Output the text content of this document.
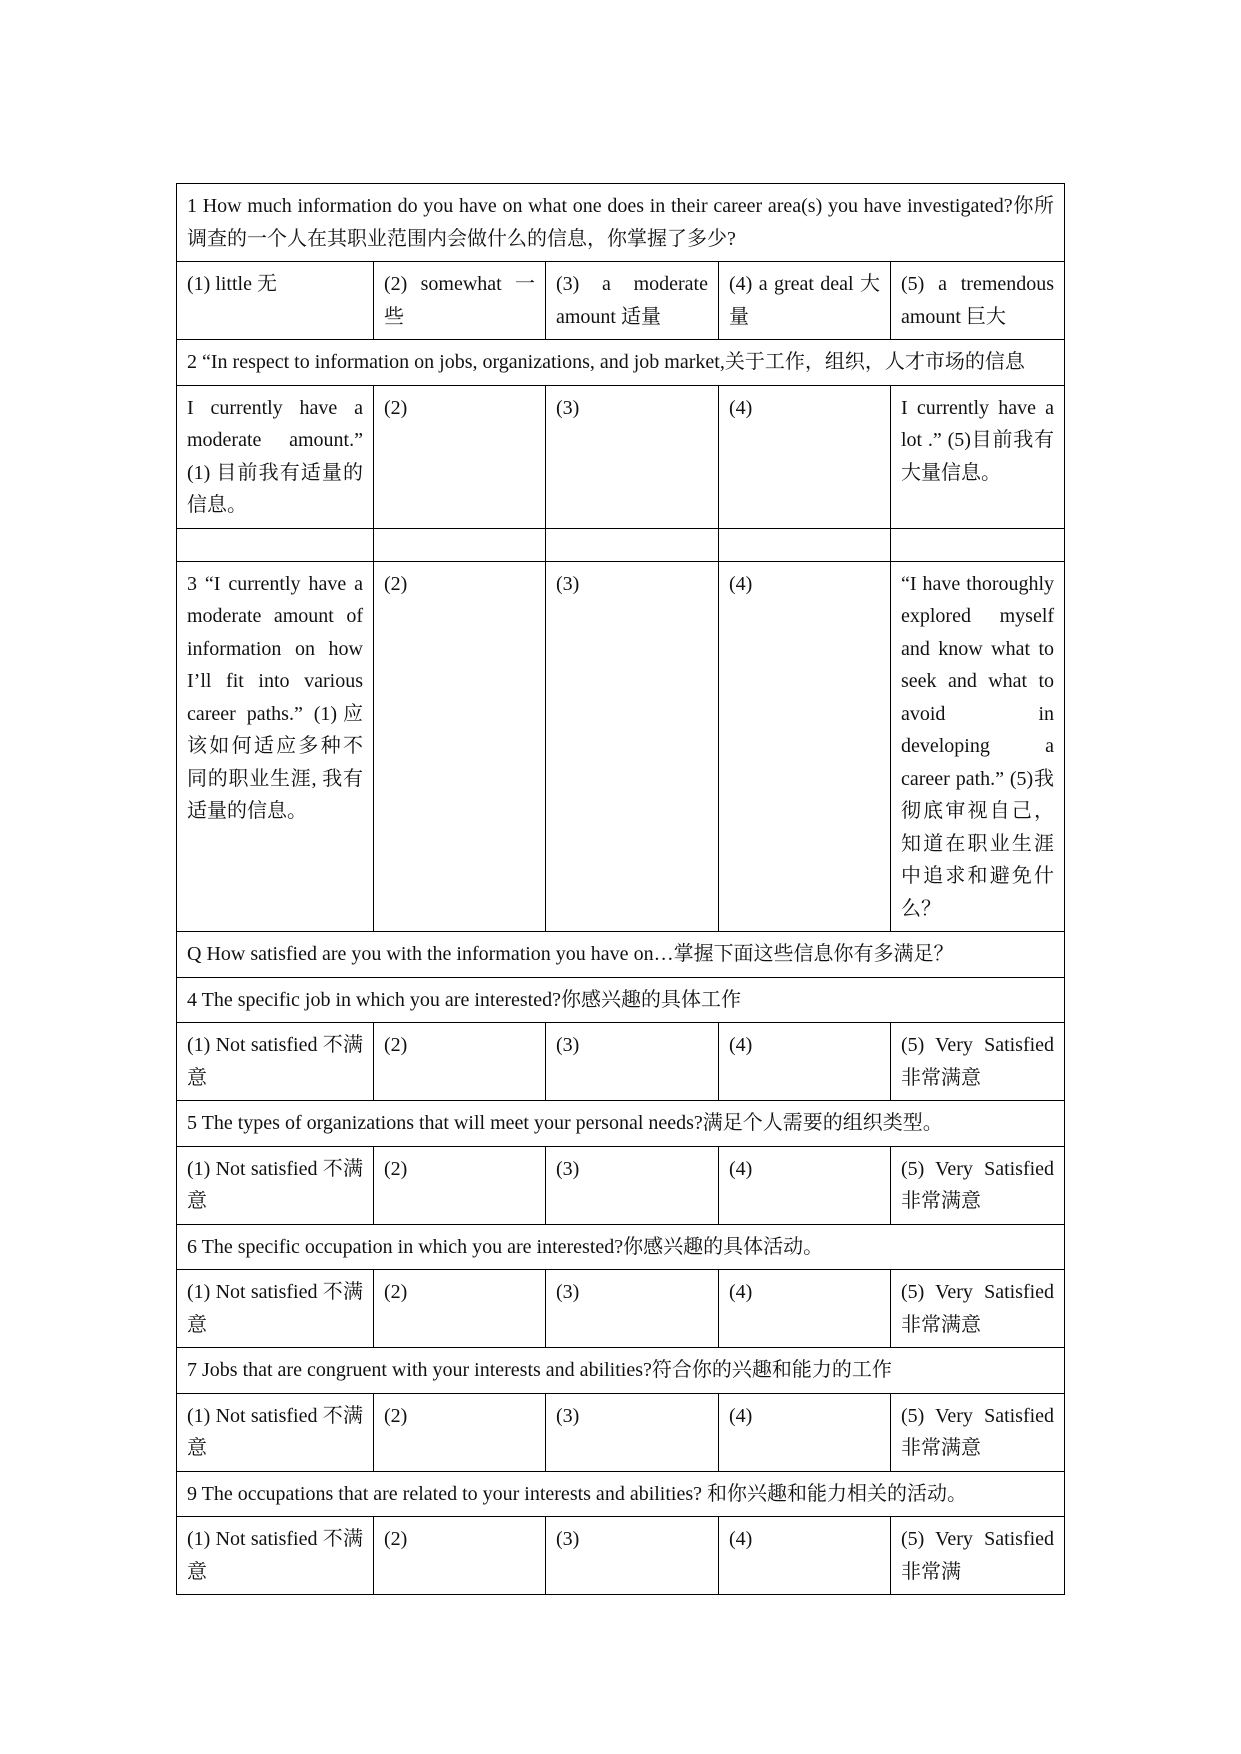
1 How much information do you have on what one does in their career area(s) you have investigated?你所调查的一个人在其职业范围内会做什么的信息，你掌握了多少?				
(1) little 无	(2) somewhat 一些	(3) a moderate amount 适量	(4) a great deal 大量	(5) a tremendous amount 巨大
2 “In respect to information on jobs, organizations, and job market,关于工作，组织，人才市场的信息				
I currently have a moderate amount.” (1) 目前我有适量的信息。	(2)	(3)	(4)	I currently have a lot .” (5)目前我有大量信息。

3 “I currently have a moderate amount of information on how I’ll fit into various career paths.” (1)应该如何适应多种不同的职业生涯, 我有适量的信息。	(2)	(3)	(4)	“I have thoroughly explored myself and know what to seek and what to avoid in developing a career path.” (5)我彻底审视自己，知道在职业生涯中追求和避免什么？
Q How satisfied are you with the information you have on…掌握下面这些信息你有多满足？				
4 The specific job in which you are interested?你感兴趣的具体工作				
(1) Not satisfied 不满意	(2)	(3)	(4)	(5) Very Satisfied 非常满意
5 The types of organizations that will meet your personal needs?满足个人需要的组织类型。				
(1) Not satisfied 不满意	(2)	(3)	(4)	(5) Very Satisfied 非常满意
6 The specific occupation in which you are interested?你感兴趣的具体活动。				
(1) Not satisfied 不满意	(2)	(3)	(4)	(5) Very Satisfied 非常满意
7 Jobs that are congruent with your interests and abilities?符合你的兴趣和能力的工作				
(1) Not satisfied 不满意	(2)	(3)	(4)	(5) Very Satisfied 非常满意
9 The occupations that are related to your interests and abilities? 和你兴趣和能力相关的活动。				
(1) Not satisfied 不满意	(2)	(3)	(4)	(5) Very Satisfied 非常满
